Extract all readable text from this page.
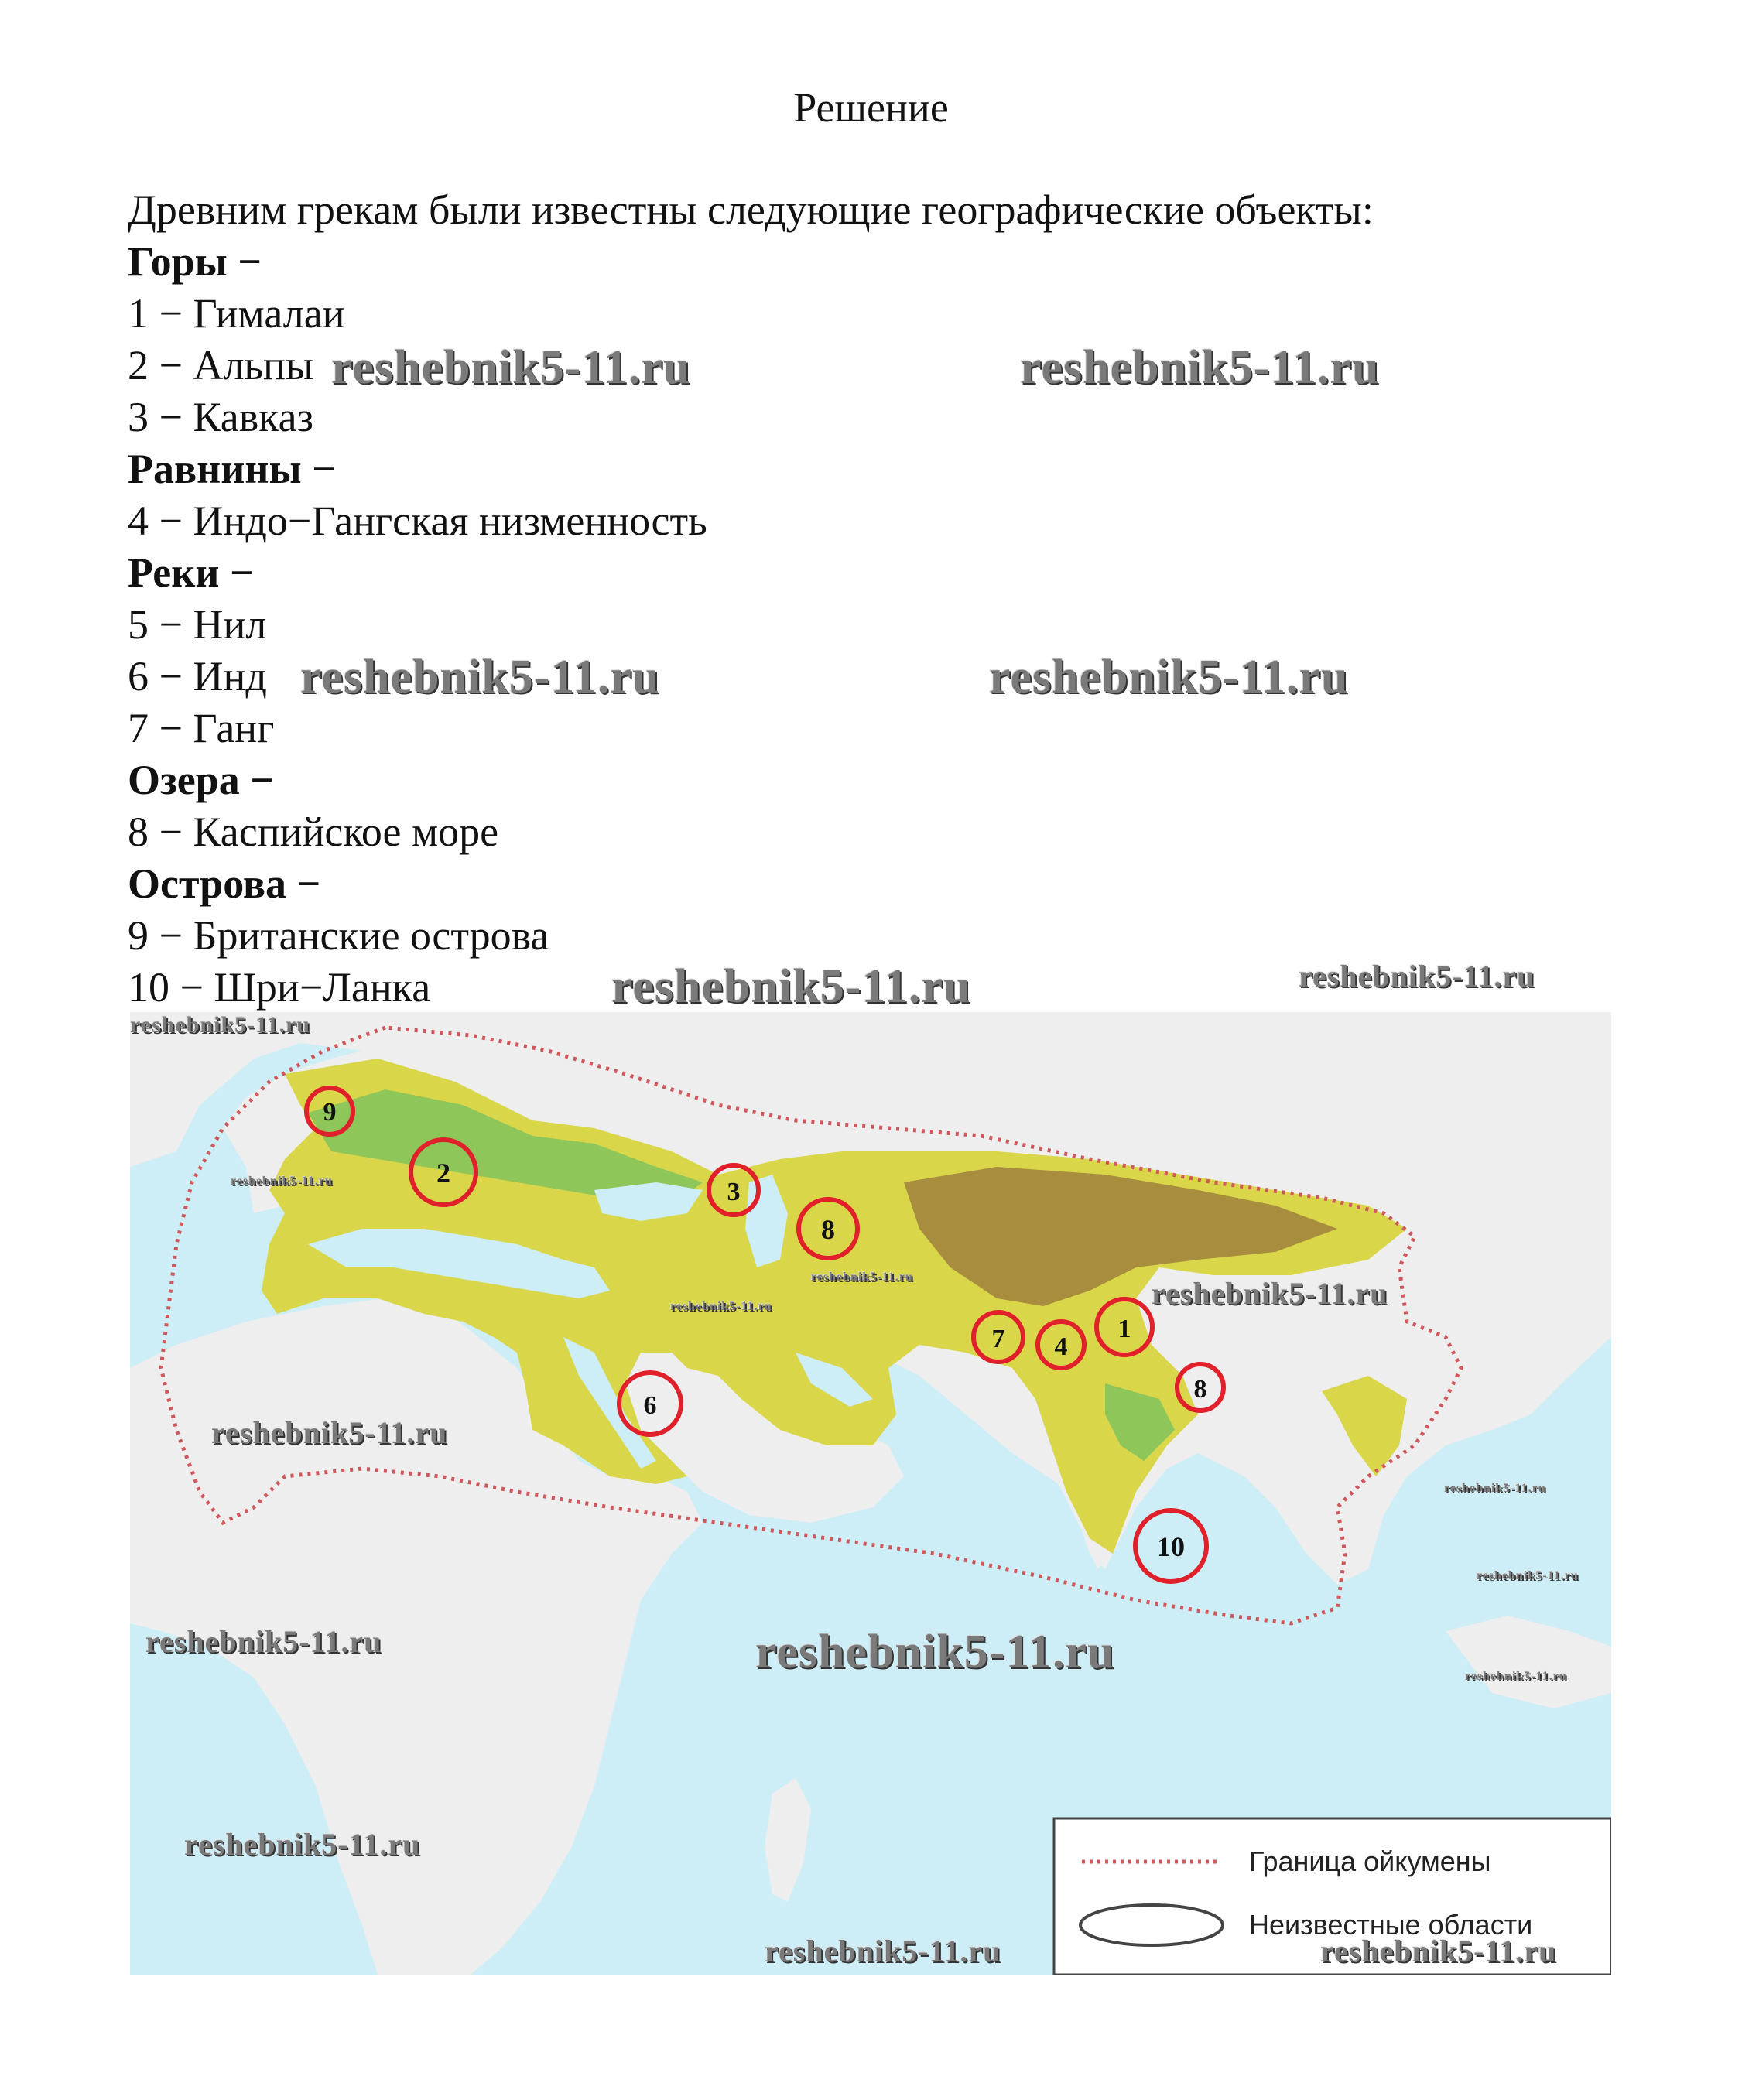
Решение
Древним грекам были известны следующие географические объекты:
Горы −
1 − Гималаи
2 − Альпы
3 − Кавказ
Равнины −
4 − Индо−Гангская низменность
Реки −
5 − Нил
6 − Инд
7 − Ганг
Озера −
8 − Каспийское море
Острова −
9 − Британские острова
10 − Шри−Ланка
9
2
3
8
7 4
1
8
6
10
Граница ойкумены
Неизвестные области
reshebnik5-11.ru	reshebnik5-11.ru
reshebnik5-11.ru	reshebnik5-11.ru
reshebnik5-11.ru	reshebnik5-11.ru
reshebnik5-11.ru
reshebnik5-11.ru
reshebnik5-11.ru
reshebnik5-11.ru	reshebnik5-11.ru
reshebnik5-11.ru
reshebnik5-11.ru
reshebnik5-11.ru
reshebnik5-11.ru	reshebnik5-11.ru	reshebnik5-11.ru
reshebnik5-11.ru
reshebnik5-11.ru	reshebnik5-11.ru
